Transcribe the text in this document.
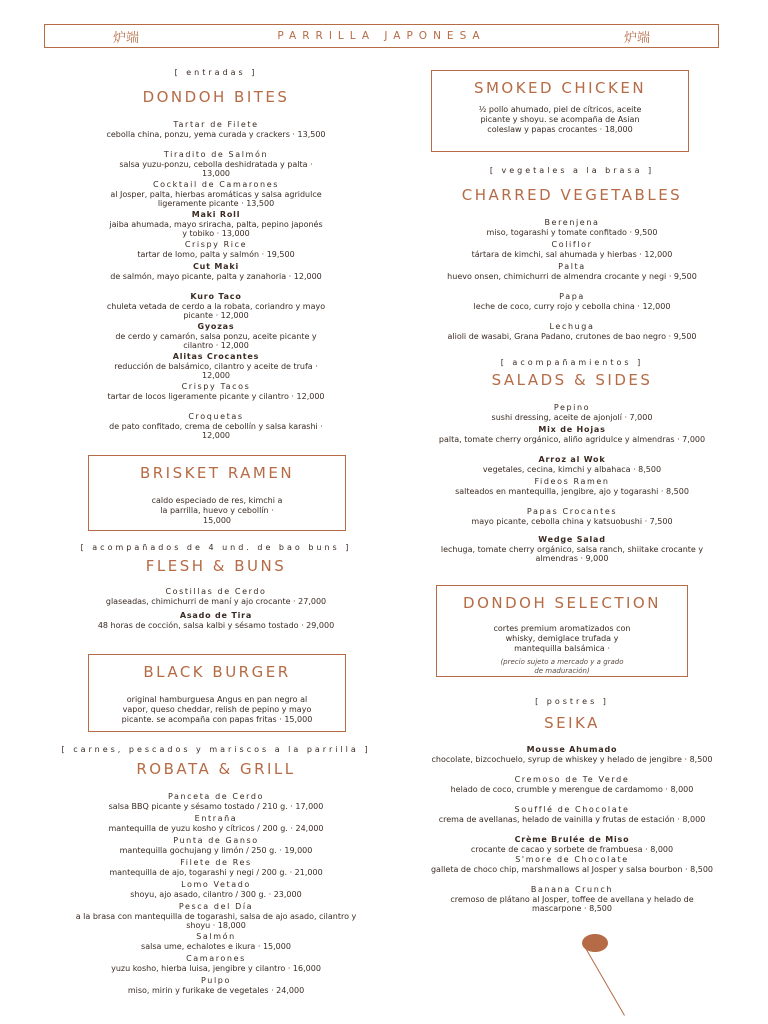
炉端	PARRILLA JAPONESA	炉端
[ entradas ]
DONDOH BITES
Tartar de Filete
cebolla china, ponzu, yema curada y crackers · 13,500
Tiradito de Salmón
salsa yuzu-ponzu, cebolla deshidratada y palta · 13,000
Cocktail de Camarones
al Josper, palta, hierbas aromáticas y salsa agridulce ligeramente picante · 13,500
Maki Roll
jaiba ahumada, mayo sriracha, palta, pepino japonés y tobiko · 13,000
Crispy Rice
tartar de lomo, palta y salmón · 19,500
Cut Maki
de salmón, mayo picante, palta y zanahoria · 12,000
Kuro Taco
chuleta vetada de cerdo a la robata, coriandro y mayo picante · 12,000
Gyozas
de cerdo y camarón, salsa ponzu, aceite picante y cilantro · 12,000
Alitas Crocantes
reducción de balsámico, cilantro y aceite de trufa · 12,000
Crispy Tacos
tartar de locos ligeramente picante y cilantro · 12,000
Croquetas
de pato confitado, crema de cebollín y salsa karashi · 12,000
BRISKET RAMEN
caldo especiado de res, kimchi a la parrilla, huevo y cebollín · 15,000
[ acompañados de 4 und. de bao buns ]
FLESH & BUNS
Costillas de Cerdo
glaseadas, chimichurri de maní y ajo crocante · 27,000
Asado de Tira
48 horas de cocción, salsa kalbi y sésamo tostado · 29,000
BLACK BURGER
original hamburguesa Angus en pan negro al vapor, queso cheddar, relish de pepino y mayo picante. se acompaña con papas fritas · 15,000
[ carnes, pescados y mariscos a la parrilla ]
ROBATA & GRILL
Panceta de Cerdo
salsa BBQ picante y sésamo tostado / 210 g. · 17,000
Entraña
mantequilla de yuzu kosho y cítricos / 200 g. · 24,000
Punta de Ganso
mantequilla gochujang y limón / 250 g. · 19,000
Filete de Res
mantequilla de ajo, togarashi y negi / 200 g. · 21,000
Lomo Vetado
shoyu, ajo asado, cilantro / 300 g. · 23,000
Pesca del Día
a la brasa con mantequilla de togarashi, salsa de ajo asado, cilantro y shoyu · 18,000
Salmón
salsa ume, echalotes e ikura · 15,000
Camarones
yuzu kosho, hierba luisa, jengibre y cilantro · 16,000
Pulpo
miso, mirin y furikake de vegetales · 24,000
SMOKED CHICKEN
½ pollo ahumado, piel de cítricos, aceite picante y shoyu. se acompaña de Asian coleslaw y papas crocantes · 18,000
[ vegetales a la brasa ]
CHARRED VEGETABLES
Berenjena
miso, togarashi y tomate confitado · 9,500
Coliflor
tártara de kimchi, sal ahumada y hierbas · 12,000
Palta
huevo onsen, chimichurri de almendra crocante y negi · 9,500
Papa
leche de coco, curry rojo y cebolla china · 12,000
Lechuga
alioli de wasabi, Grana Padano, crutones de bao negro · 9,500
[ acompañamientos ]
SALADS & SIDES
Pepino
sushi dressing, aceite de ajonjolí · 7,000
Mix de Hojas
palta, tomate cherry orgánico, aliño agridulce y almendras · 7,000
Arroz al Wok
vegetales, cecina, kimchi y albahaca · 8,500
Fideos Ramen
salteados en mantequilla, jengibre, ajo y togarashi · 8,500
Papas Crocantes
mayo picante, cebolla china y katsuobushi · 7,500
Wedge Salad
lechuga, tomate cherry orgánico, salsa ranch, shiitake crocante y almendras · 9,000
DONDOH SELECTION
cortes premium aromatizados con whisky, demiglace trufada y mantequilla balsámica ·
(precio sujeto a mercado y a grado de maduración)
[ postres ]
SEIKA
Mousse Ahumado
chocolate, bizcochuelo, syrup de whiskey y helado de jengibre · 8,500
Cremoso de Te Verde
helado de coco, crumble y merengue de cardamomo · 8,000
Soufflé de Chocolate
crema de avellanas, helado de vainilla y frutas de estación · 8,000
Crème Brulée de Miso
crocante de cacao y sorbete de frambuesa · 8,000
S'more de Chocolate
galleta de choco chip, marshmallows al Josper y salsa bourbon · 8,500
Banana Crunch
cremoso de plátano al Josper, toffee de avellana y helado de mascarpone · 8,500
